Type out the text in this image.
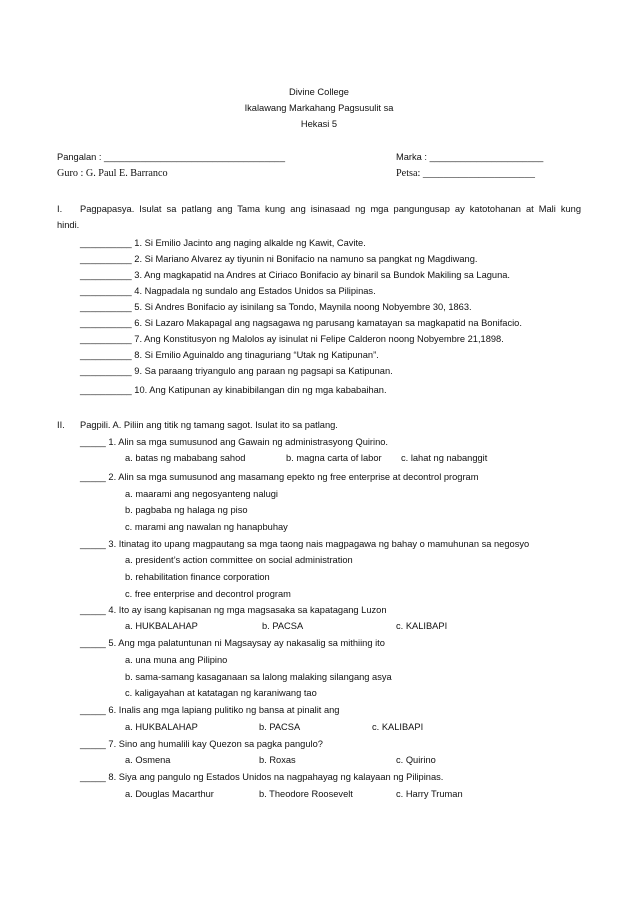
Divine College
Ikalawang Markahang Pagsusulit sa
Hekasi 5
Pangalan : ___________________________________	Marka : ______________________
Guro : G. Paul E. Barranco	Petsa: ______________________
I. Pagpapasya. Isulat sa patlang ang Tama kung ang isinasaad ng mga pangungusap ay katotohanan at Mali kung
hindi.
__________ 1. Si Emilio Jacinto ang naging alkalde ng Kawit, Cavite.
__________ 2. Si Mariano Alvarez ay tiyunin ni Bonifacio na namuno sa pangkat ng Magdiwang.
__________ 3. Ang magkapatid na Andres at Ciriaco Bonifacio ay binaril sa Bundok Makiling sa Laguna.
__________ 4. Nagpadala ng sundalo ang Estados Unidos sa Pilipinas.
__________ 5. Si Andres Bonifacio ay isinilang sa Tondo, Maynila noong Nobyembre 30, 1863.
__________ 6. Si Lazaro Makapagal ang nagsagawa ng parusang kamatayan sa magkapatid na Bonifacio.
__________ 7. Ang Konstitusyon ng Malolos ay isinulat ni Felipe Calderon noong Nobyembre 21,1898.
__________ 8. Si Emilio Aguinaldo ang tinaguriang “Utak ng Katipunan”.
__________ 9. Sa paraang triyangulo ang paraan ng pagsapi sa Katipunan.
__________ 10. Ang Katipunan ay kinabibilangan din ng mga kababaihan.
II. Pagpili. A. Piliin ang titik ng tamang sagot. Isulat ito sa patlang.
_____ 1. Alin sa mga sumusunod ang Gawain ng administrasyong Quirino.
a. batas ng mababang sahod	b. magna carta of labor c. lahat ng nabanggit
_____ 2. Alin sa mga sumusunod ang masamang epekto ng free enterprise at decontrol program
a. maarami ang negosyanteng nalugi
b. pagbaba ng halaga ng piso
c. marami ang nawalan ng hanapbuhay
_____ 3. Itinatag ito upang magpautang sa mga taong nais magpagawa ng bahay o mamuhunan sa negosyo
a. president’s action committee on social administration
b. rehabilitation finance corporation
c. free enterprise and decontrol program
_____ 4. Ito ay isang kapisanan ng mga magsasaka sa kapatagang Luzon
a. HUKBALAHAP	b. PACSA	c. KALIBAPI
_____ 5. Ang mga palatuntunan ni Magsaysay ay nakasalig sa mithiing ito
a. una muna ang Pilipino
b. sama-samang kasaganaan sa lalong malaking silangang asya
c. kaligayahan at katatagan ng karaniwang tao
_____ 6. Inalis ang mga lapiang pulitiko ng bansa at pinalit ang
a. HUKBALAHAP	b. PACSA	c. KALIBAPI
_____ 7. Sino ang humalili kay Quezon sa pagka pangulo?
a. Osmena	b. Roxas	c. Quirino
_____ 8. Siya ang pangulo ng Estados Unidos na nagpahayag ng kalayaan ng Pilipinas.
a. Douglas Macarthur	b. Theodore Roosevelt	c. Harry Truman
